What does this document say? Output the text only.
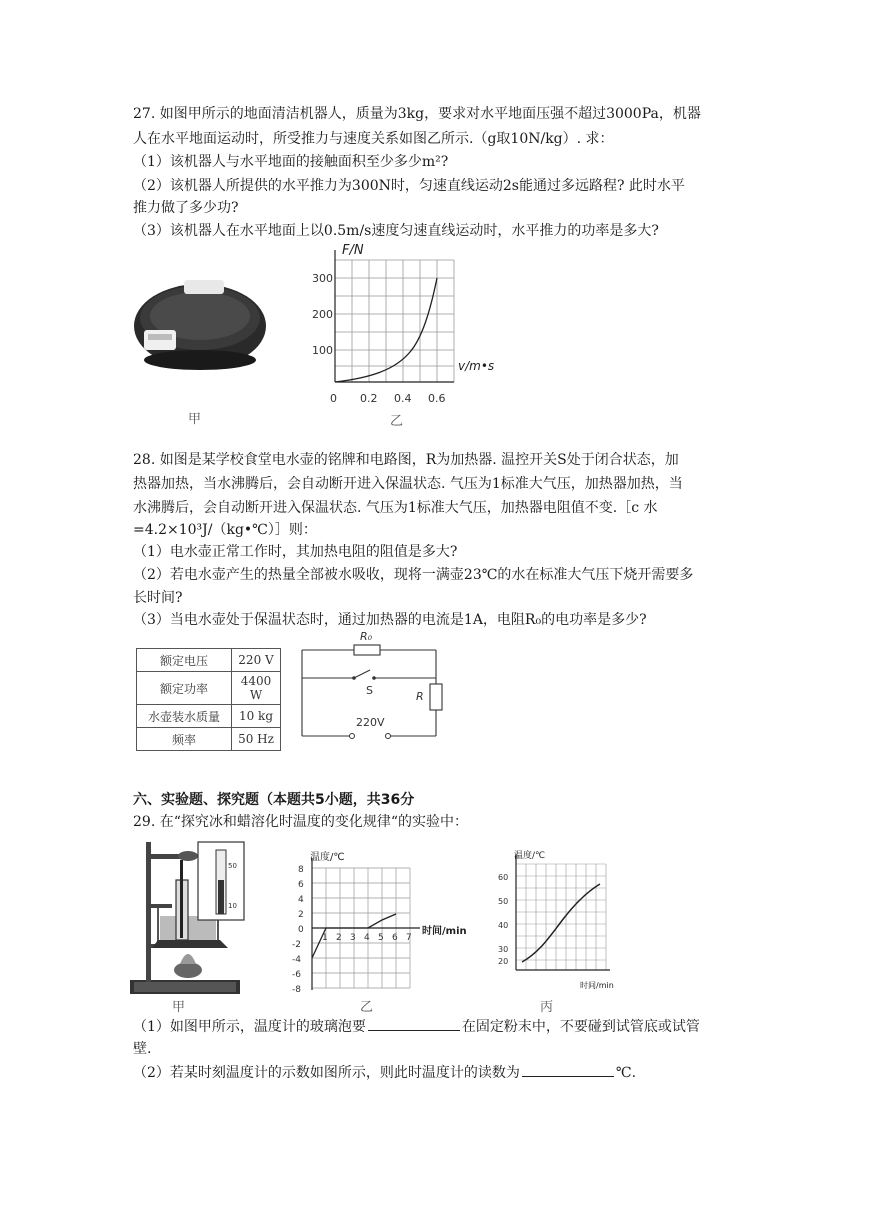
27. 如图甲所示的地面清洁机器人，质量为3kg，要求对水平地面压强不超过3000Pa，机器
人在水平地面运动时，所受推力与速度关系如图乙所示.（g取10N/kg）. 求：
（1）该机器人与水平地面的接触面积至少多少m²?
（2）该机器人所提供的水平推力为300N时，匀速直线运动2s能通过多远路程? 此时水平
推力做了多少功?
（3）该机器人在水平地面上以0.5m/s速度匀速直线运动时，水平推力的功率是多大?
甲
F/N
v/m•s
100
200
300
0 0.2 0.4 0.6
乙
28. 如图是某学校食堂电水壶的铭牌和电路图，R为加热器. 温控开关S处于闭合状态，加
热器加热，当水沸腾后，会自动断开进入保温状态. 气压为1标准大气压，加热器加热，当
水沸腾后，会自动断开进入保温状态. 气压为1标准大气压，加热器电阻值不变.［c 水
=4.2×10³J/（kg•℃）］则：
（1）电水壶正常工作时，其加热电阻的阻值是多大?
（2）若电水壶产生的热量全部被水吸收，现将一满壶23℃的水在标准大气压下烧开需要多
长时间?
（3）当电水壶处于保温状态时，通过加热器的电流是1A，电阻R₀的电功率是多少?
额定电压	220 V
额定功率	4400 W
水壶装水质量	10 kg
频率	50 Hz
R₀
S	R
220V
六、实验题、探究题（本题共5小题，共36分
29. 在“探究冰和蜡溶化时温度的变化规律“的实验中：
50
10
甲
温度/℃
时间/min
8
6
4
2
0
-2
-4
-6
-8
1 2 3 4 5 6 7
乙
温度/℃
时间/min
60
50
40
30
20
丙
（1）如图甲所示，温度计的玻璃泡要	在固定粉末中，不要碰到试管底或试管
壁.
（2）若某时刻温度计的示数如图所示，则此时温度计的读数为	℃.
